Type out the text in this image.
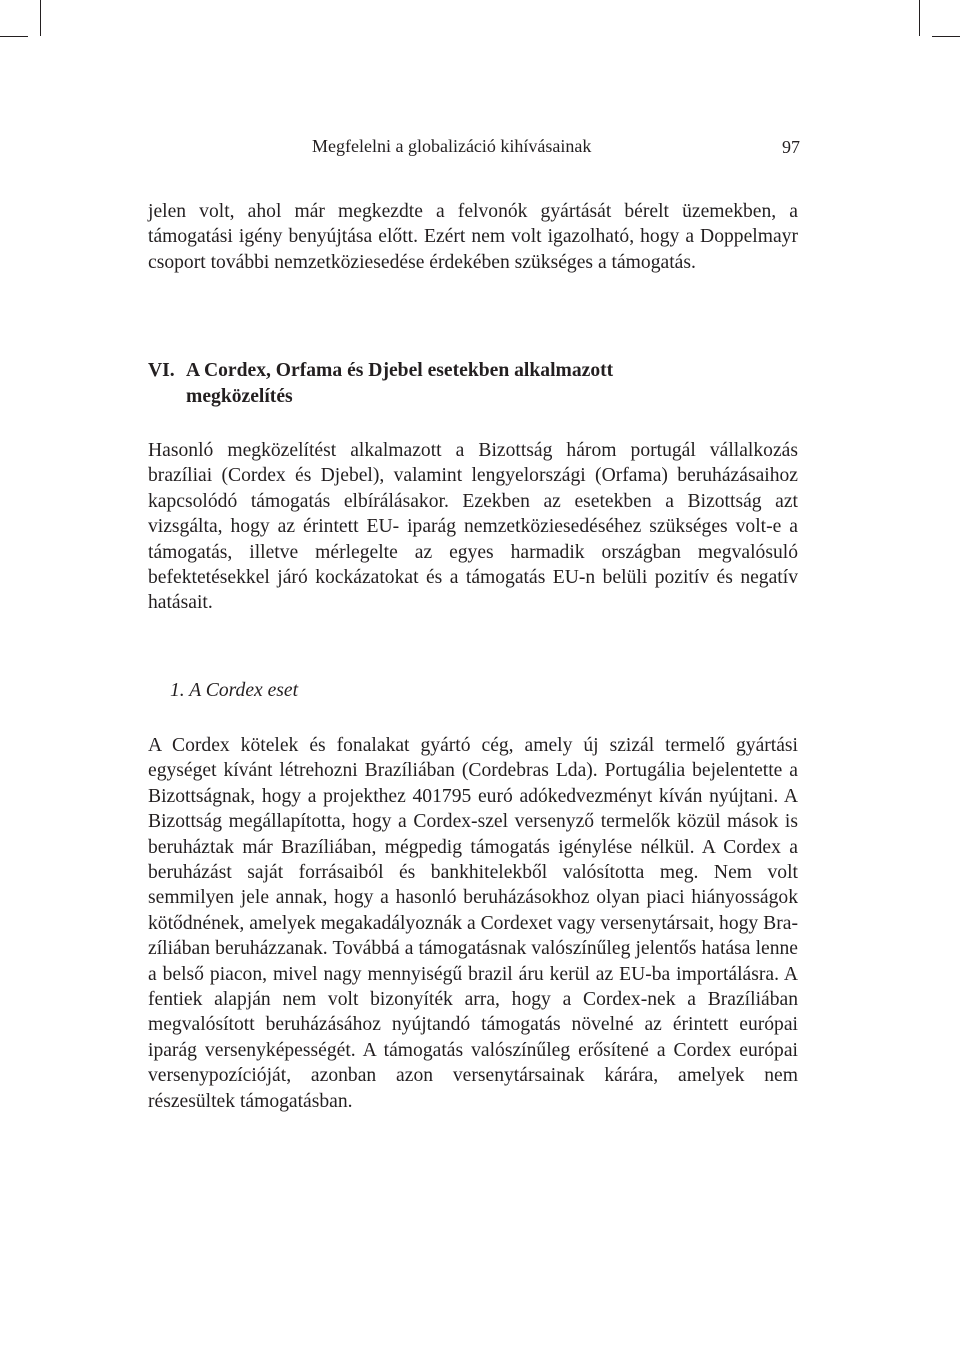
Megfelelni a globalizáció kihívásainak	97

jelen volt, ahol már megkezdte a felvonók gyártását bérelt üzemekben, a támogatási igény benyújtása előtt. Ezért nem volt igazolható, hogy a Doppelmayr csoport további nemzetköziesedése érdekében szükséges a támogatás.

VI. A Cordex, Orfama és Djebel esetekben alkalmazott
megközelítés

Hasonló megközelítést alkalmazott a Bizottság három portugál vállalkozás brazíliai (Cordex és Djebel), valamint lengyelországi (Orfama) beruházásaihoz kapcsolódó támogatás elbírálásakor. Ezekben az esetekben a Bizottság azt vizsgálta, hogy az érintett EU- iparág nemzetköziesedéséhez szükséges volt-e a támogatás, illetve mérlegelte az egyes harmadik országban megvalósuló befektetésekkel járó kockázatokat és a támogatás EU-n belüli pozitív és negatív hatásait.

1. A Cordex eset

A Cordex kötelek és fonalakat gyártó cég, amely új szizál termelő gyártási egységet kívánt létrehozni Brazíliában (Cordebras Lda). Portugália bejelentette a Bizottságnak, hogy a projekthez 401795 euró adókedvezményt kíván nyújtani. A Bizottság megállapította, hogy a Cordex-szel versenyző termelők közül mások is beruháztak már Brazíliában, mégpedig támogatás igénylése nélkül. A Cordex a beruházást saját forrásaiból és bankhitelekből valósította meg. Nem volt semmilyen jele annak, hogy a hasonló beruházásokhoz olyan piaci hiányosságok kötődnének, amelyek megakadályoznák a Cordexet vagy versenytársait, hogy Brazíliában beruházzanak. Továbbá a támogatásnak valószínűleg jelentős hatása lenne a belső piacon, mivel nagy mennyiségű brazil áru kerül az EU-ba importálásra. A fentiek alapján nem volt bizonyíték arra, hogy a Cordex-nek a Brazíliában megvalósított beruházásához nyújtandó támogatás növelné az érintett európai iparág versenyképességét. A támogatás valószínűleg erősítené a Cordex európai versenypozícióját, azonban azon versenytársainak kárára, amelyek nem részesültek támogatásban.
